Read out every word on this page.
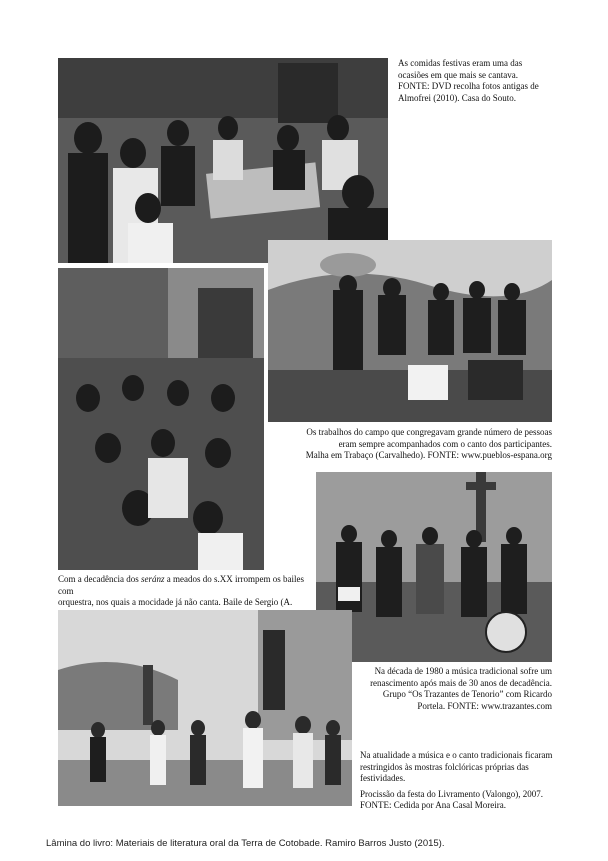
As comidas festivas eram uma das

ocasiões em que mais se cantava.

FONTE: DVD recolha fotos antigas de

Almofrei (2010). Casa do Souto.

Os trabalhos do campo que congregavam grande número de pessoas

eram sempre acompanhados com o canto dos participantes.

Malha em Trabaço (Carvalhedo). FONTE: www.pueblos-espana.org

Com a decadência dos seránz a meados do s.XX irrompem os bailes com

orquestra, nos quais a mocidade já não canta. Baile de Sergio (A.

Na década de 1980 a música tradicional sofre um

renascimento após mais de 30 anos de decadência.

Grupo “Os Trazantes de Tenorio” com Ricardo

Portela. FONTE: www.trazantes.com

Na atualidade a música e o canto tradicionais ficaram

restringidos às mostras folclóricas próprias das

festividades.

Procissão da festa do Livramento (Valongo), 2007.

FONTE: Cedida por Ana Casal Moreira.

Lâmina do livro: Materiais de literatura oral da Terra de Cotobade. Ramiro Barros Justo (2015).
